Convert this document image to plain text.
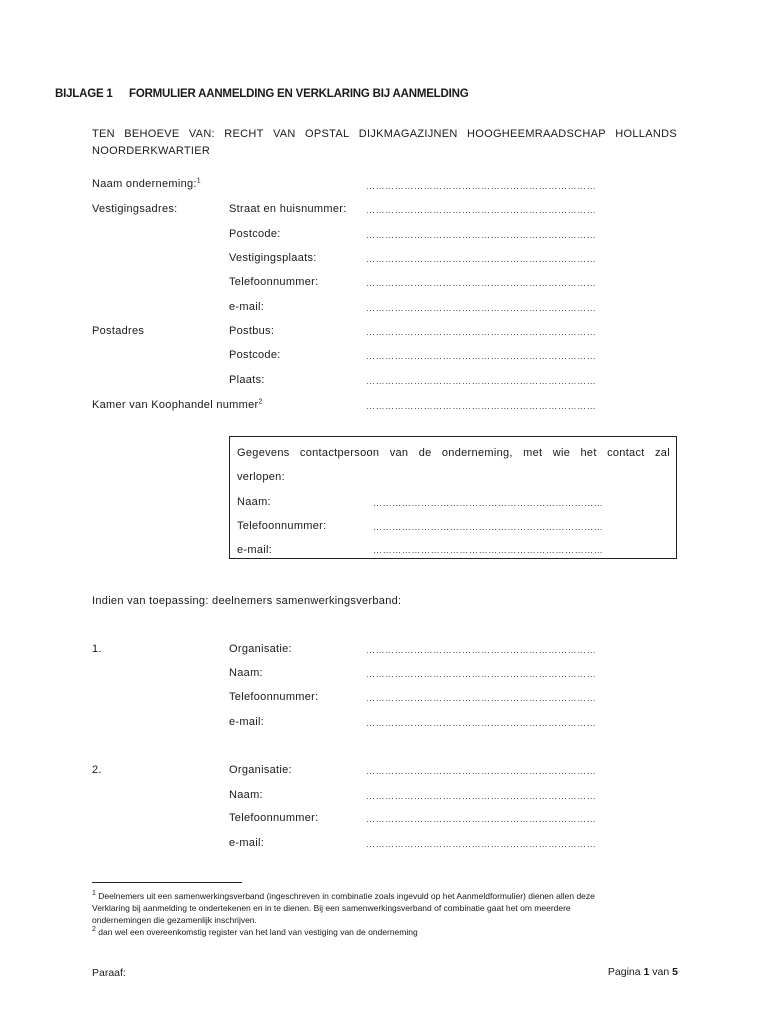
BIJLAGE 1 FORMULIER AANMELDING EN VERKLARING BIJ AANMELDING
TEN BEHOEVE VAN: RECHT VAN OPSTAL DIJKMAGAZIJNEN HOOGHEEMRAADSCHAP HOLLANDS
NOORDERKWARTIER
Naam onderneming:$^1$
………………………………………………………………
Vestigingsadres:	Straat en huisnummer: ………………………………………………………………
Postcode:	………………………………………………………………
Vestigingsplaats:	………………………………………………………………
Telefoonnummer:	………………………………………………………………
e-mail:	………………………………………………………………
Postadres	Postbus:	………………………………………………………………
Postcode:	………………………………………………………………
Plaats:	………………………………………………………………
Kamer van Koophandel nummer$^2$	………………………………………………………………
Gegevens contactpersoon van de onderneming, met wie het contact zal
verlopen:
Naam:	………………………………………………………………
Telefoonnummer:	………………………………………………………………
e-mail:	………………………………………………………………
Indien van toepassing: deelnemers samenwerkingsverband:
1.	Organisatie:	………………………………………………………………
Naam:	………………………………………………………………
Telefoonnummer:	………………………………………………………………
e-mail:	………………………………………………………………
2.	Organisatie:	………………………………………………………………
Naam:	………………………………………………………………
Telefoonnummer:	………………………………………………………………
e-mail:	………………………………………………………………
$^1$ Deelnemers uit een samenwerkingsverband (ingeschreven in combinatie zoals ingevuld op het Aanmeldformulier) dienen allen deze
Verklaring bij aanmelding te ondertekenen en in te dienen. Bij een samenwerkingsverband of combinatie gaat het om meerdere
ondernemingen die gezamenlijk inschrijven.
$^2$ dan wel een overeenkomstig register van het land van vestiging van de onderneming
Paraaf:	Pagina 1 van 5
